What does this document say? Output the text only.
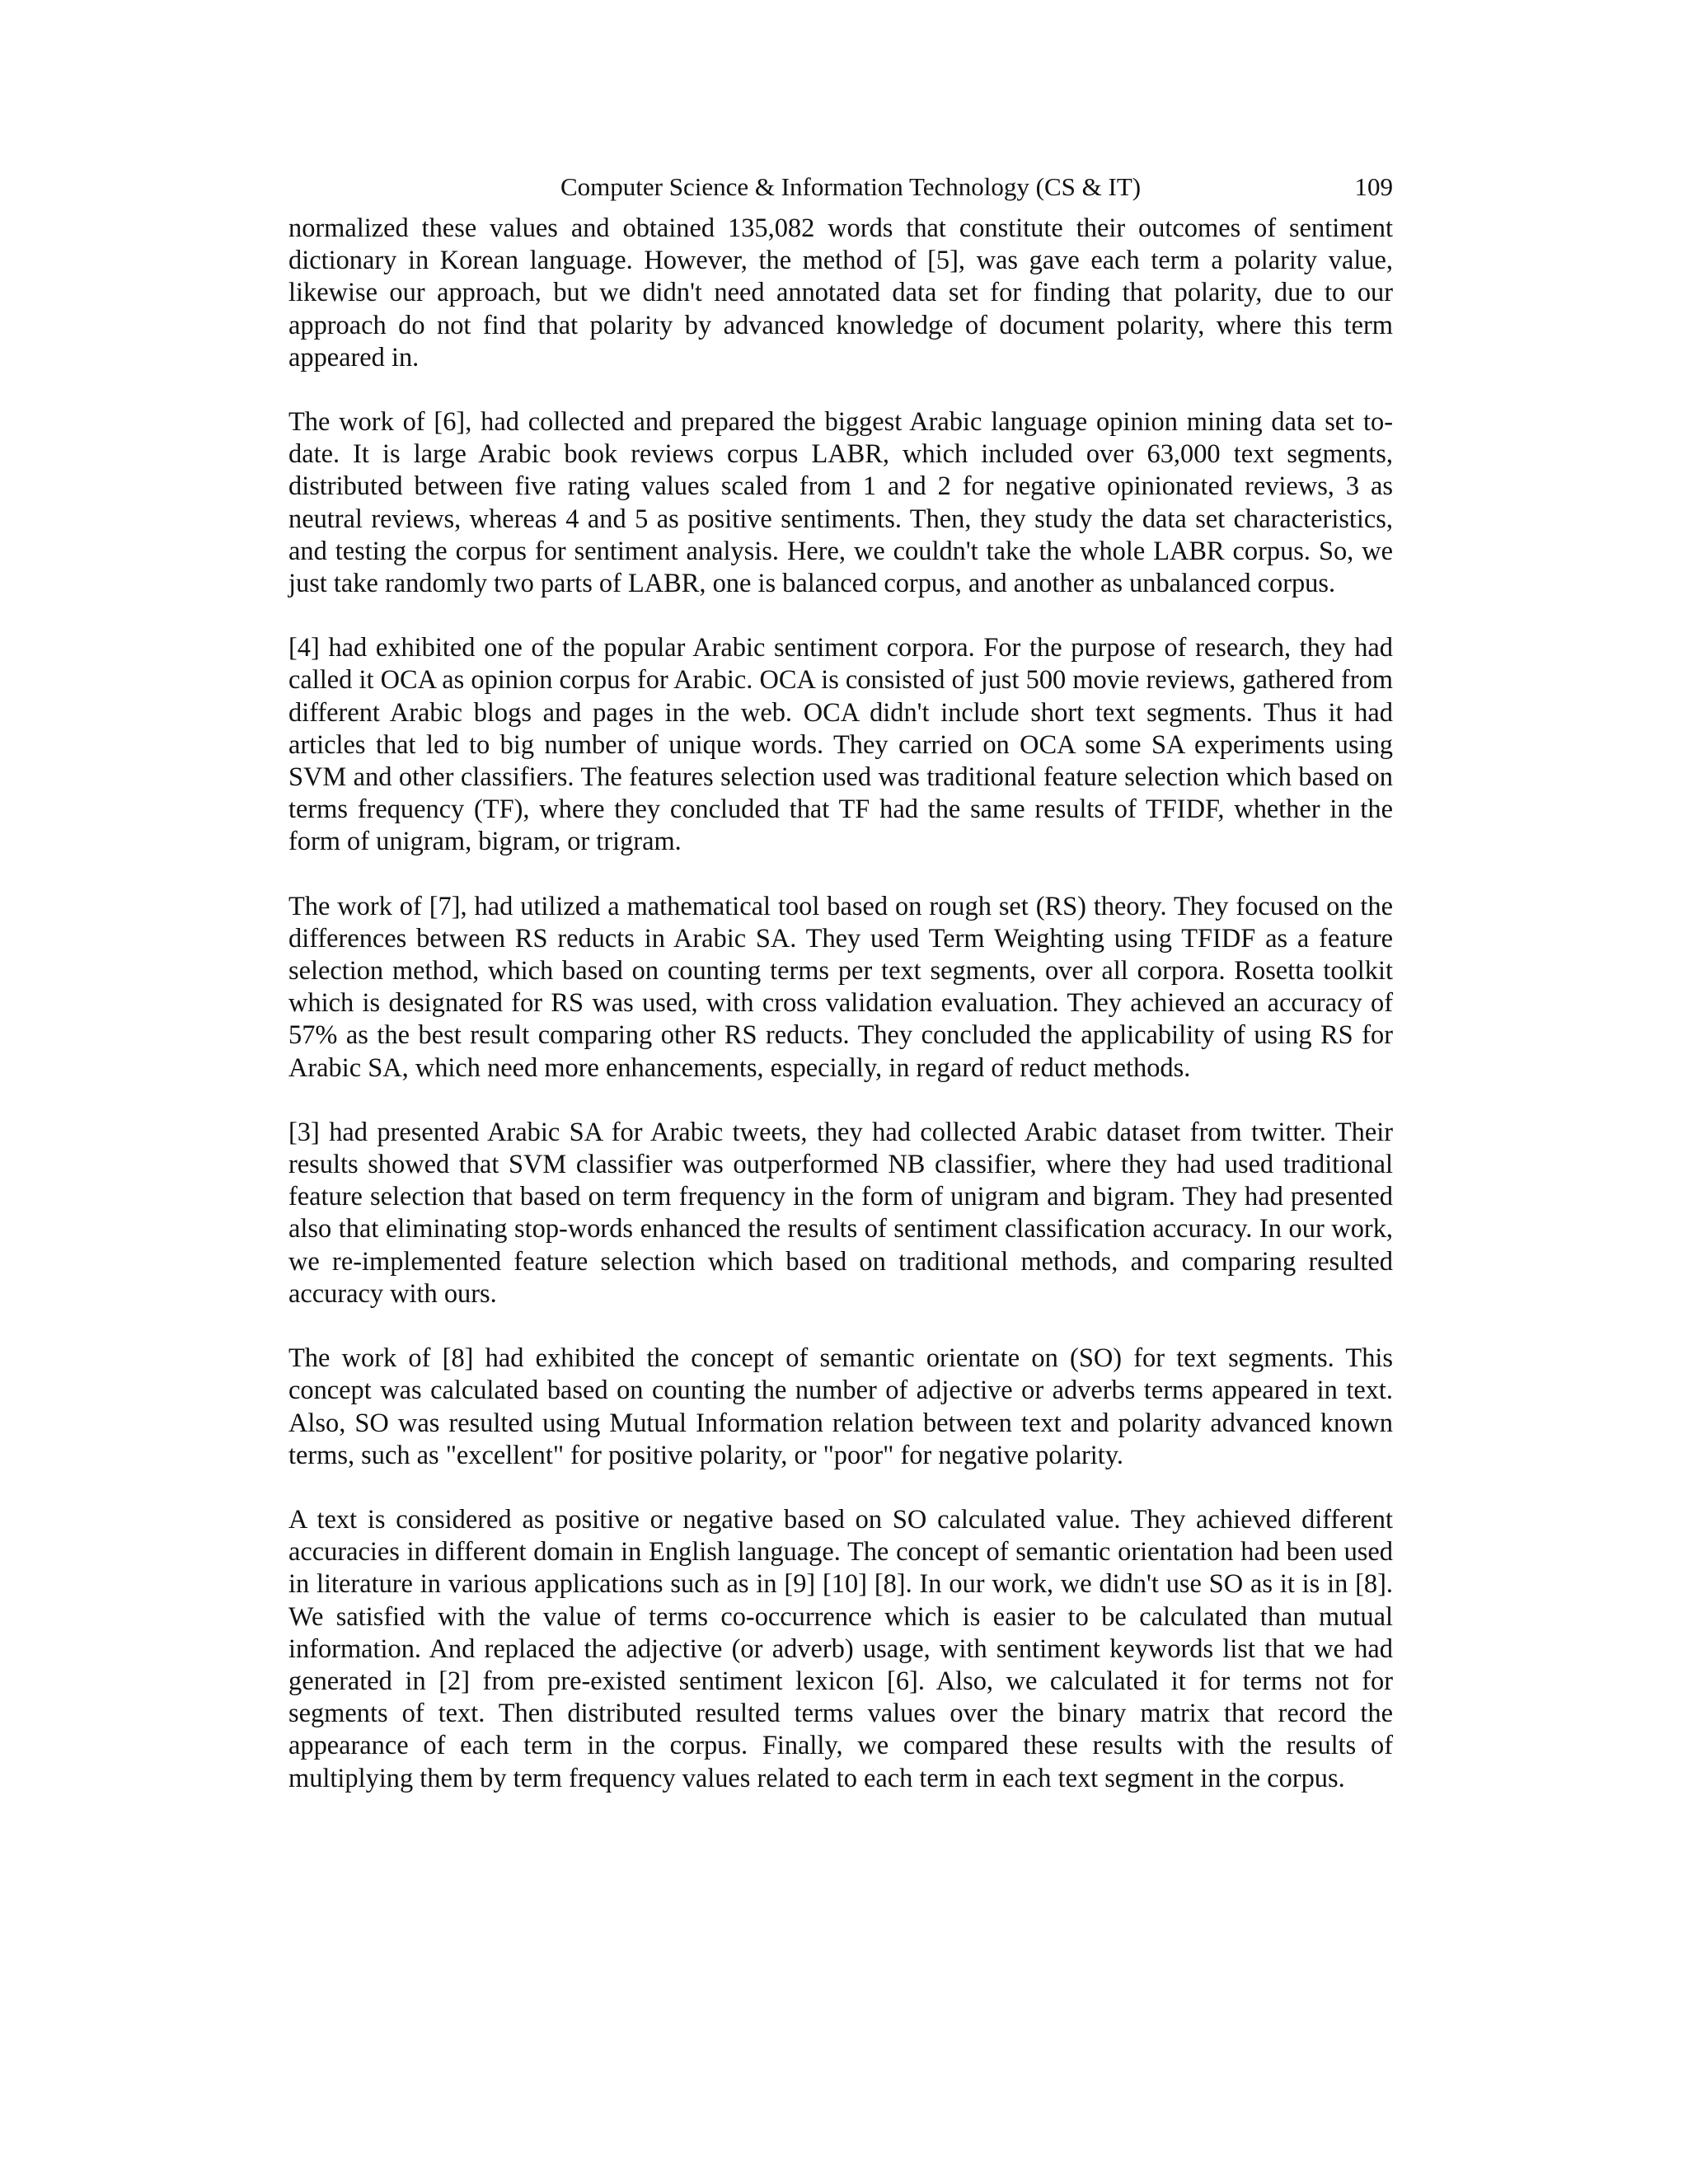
Computer Science & Information Technology (CS & IT)	109

normalized these values and obtained 135,082 words that constitute their outcomes of sentiment dictionary in Korean language. However, the method of [5], was gave each term a polarity value, likewise our approach, but we didn't need annotated data set for finding that polarity, due to our approach do not find that polarity by advanced knowledge of document polarity, where this term appeared in.

The work of [6], had collected and prepared the biggest Arabic language opinion mining data set to-date. It is large Arabic book reviews corpus LABR, which included over 63,000 text segments, distributed between five rating values scaled from 1 and 2 for negative opinionated reviews, 3 as neutral reviews, whereas 4 and 5 as positive sentiments. Then, they study the data set characteristics, and testing the corpus for sentiment analysis. Here, we couldn't take the whole LABR corpus. So, we just take randomly two parts of LABR, one is balanced corpus, and another as unbalanced corpus.

[4] had exhibited one of the popular Arabic sentiment corpora. For the purpose of research, they had called it OCA as opinion corpus for Arabic. OCA is consisted of just 500 movie reviews, gathered from different Arabic blogs and pages in the web. OCA didn't include short text segments. Thus it had articles that led to big number of unique words. They carried on OCA some SA experiments using SVM and other classifiers. The features selection used was traditional feature selection which based on terms frequency (TF), where they concluded that TF had the same results of TFIDF, whether in the form of unigram, bigram, or trigram.

The work of [7], had utilized a mathematical tool based on rough set (RS) theory. They focused on the differences between RS reducts in Arabic SA. They used Term Weighting using TFIDF as a feature selection method, which based on counting terms per text segments, over all corpora. Rosetta toolkit which is designated for RS was used, with cross validation evaluation. They achieved an accuracy of 57% as the best result comparing other RS reducts. They concluded the applicability of using RS for Arabic SA, which need more enhancements, especially, in regard of reduct methods.

[3] had presented Arabic SA for Arabic tweets, they had collected Arabic dataset from twitter. Their results showed that SVM classifier was outperformed NB classifier, where they had used traditional feature selection that based on term frequency in the form of unigram and bigram. They had presented also that eliminating stop-words enhanced the results of sentiment classification accuracy. In our work, we re-implemented feature selection which based on traditional methods, and comparing resulted accuracy with ours.

The work of [8] had exhibited the concept of semantic orientate on (SO) for text segments. This concept was calculated based on counting the number of adjective or adverbs terms appeared in text. Also, SO was resulted using Mutual Information relation between text and polarity advanced known terms, such as "excellent" for positive polarity, or "poor" for negative polarity.

A text is considered as positive or negative based on SO calculated value. They achieved different accuracies in different domain in English language. The concept of semantic orientation had been used in literature in various applications such as in [9] [10] [8]. In our work, we didn't use SO as it is in [8]. We satisfied with the value of terms co-occurrence which is easier to be calculated than mutual information. And replaced the adjective (or adverb) usage, with sentiment keywords list that we had generated in [2] from pre-existed sentiment lexicon [6]. Also, we calculated it for terms not for segments of text. Then distributed resulted terms values over the binary matrix that record the appearance of each term in the corpus. Finally, we compared these results with the results of multiplying them by term frequency values related to each term in each text segment in the corpus.
